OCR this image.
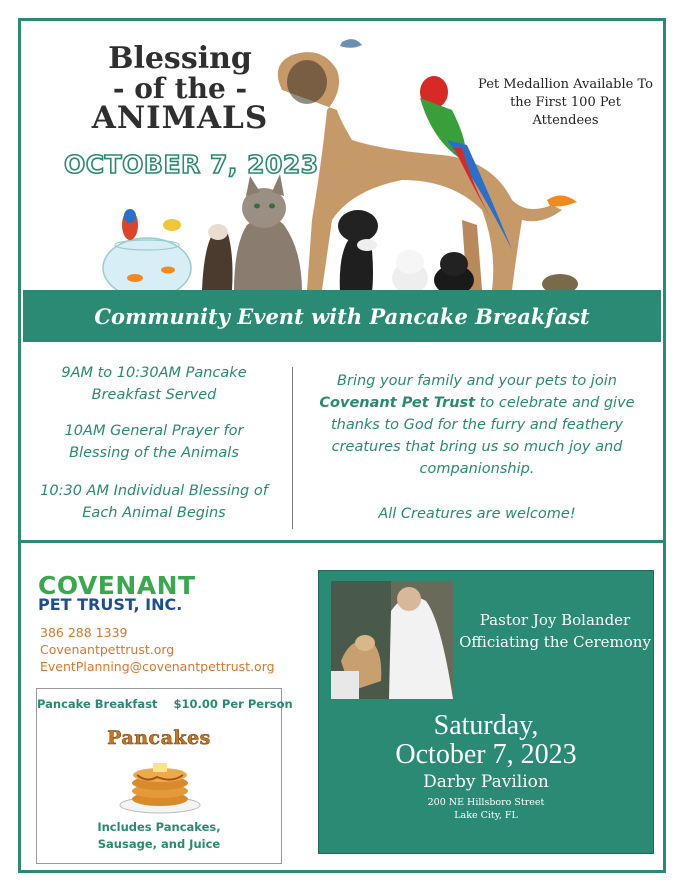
Blessing
- of the -
ANIMALS
OCTOBER 7, 2023
Pet Medallion Available To the First 100 Pet Attendees
Community Event with Pancake Breakfast
9AM to 10:30AM Pancake Breakfast Served
10AM General Prayer for Blessing of the Animals
10:30 AM Individual Blessing of Each Animal Begins
Bring your family and your pets to join Covenant Pet Trust to celebrate and give thanks to God for the furry and feathery creatures that bring us so much joy and companionship.
All Creatures are welcome!
COVENANT
PET TRUST, INC.
386 288 1339
Covenantpettrust.org
EventPlanning@covenantpettrust.org
Pancake Breakfast    $10.00 Per Person
Pancakes
Includes Pancakes, Sausage, and Juice
Pastor Joy Bolander Officiating the Ceremony
Saturday,
October 7, 2023
Darby Pavilion
200 NE Hillsboro Street
Lake City, FL
